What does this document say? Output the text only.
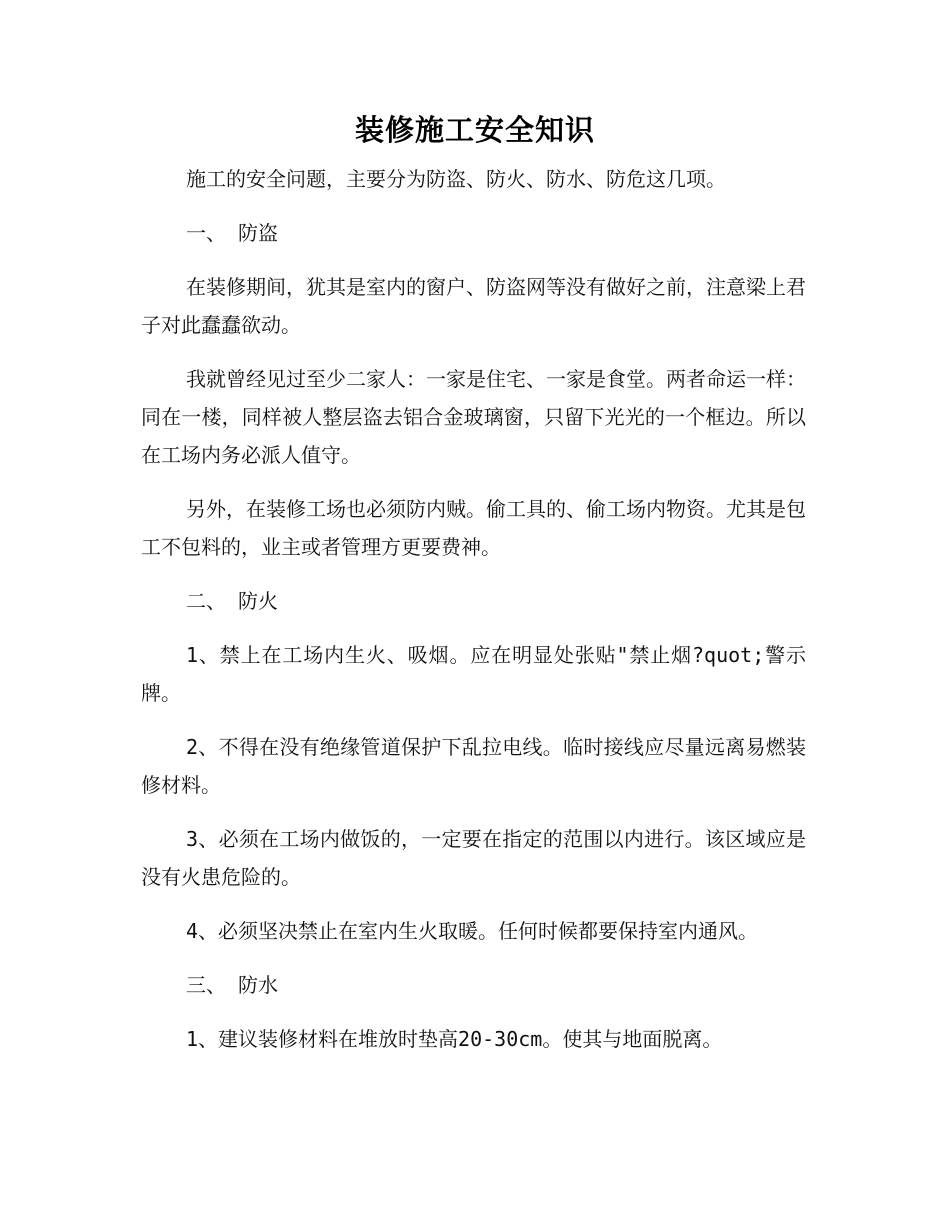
装修施工安全知识

施工的安全问题，主要分为防盗、防火、防水、防危这几项。

一、 防盗

在装修期间，犹其是室内的窗户、防盗网等没有做好之前，注意梁上君子对此蠢蠢欲动。

我就曾经见过至少二家人：一家是住宅、一家是食堂。两者命运一样：同在一楼，同样被人整层盗去铝合金玻璃窗，只留下光光的一个框边。所以在工场内务必派人值守。

另外，在装修工场也必须防内贼。偷工具的、偷工场内物资。尤其是包工不包料的，业主或者管理方更要费神。

二、 防火

1、禁上在工场内生火、吸烟。应在明显处张贴"禁止烟?quot;警示牌。

2、不得在没有绝缘管道保护下乱拉电线。临时接线应尽量远离易燃装修材料。

3、必须在工场内做饭的，一定要在指定的范围以内进行。该区域应是没有火患危险的。

4、必须坚决禁止在室内生火取暖。任何时候都要保持室内通风。

三、 防水

1、建议装修材料在堆放时垫高20-30cm。使其与地面脱离。
